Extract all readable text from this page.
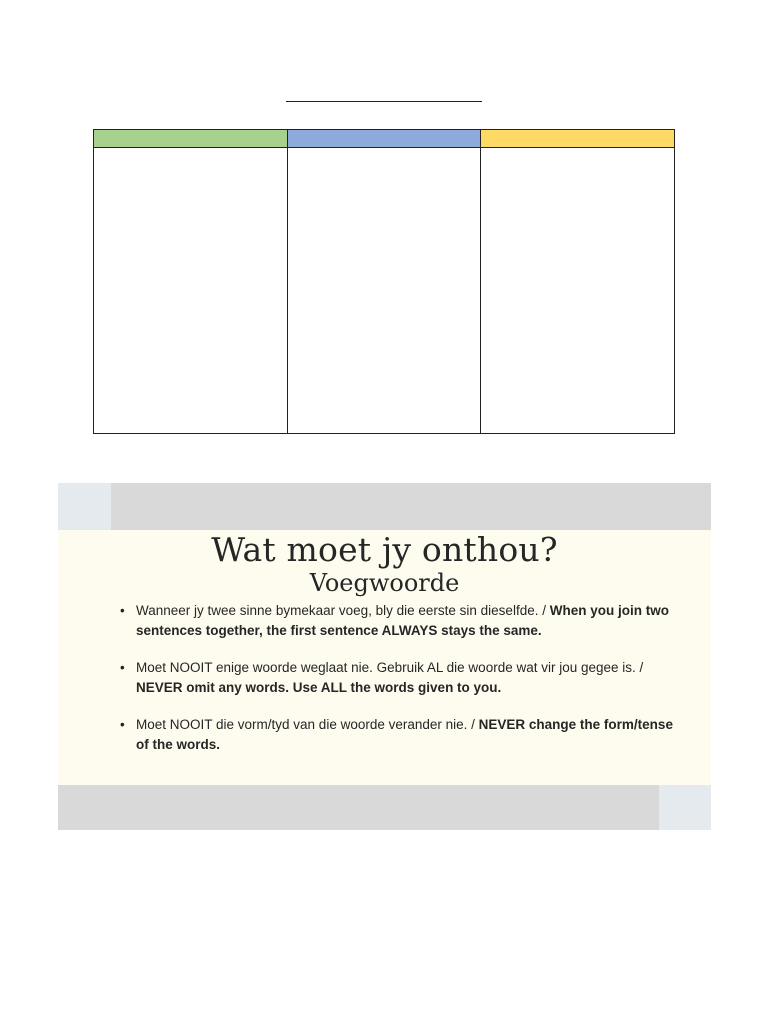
Wat moet jy onthou?
Voegwoorde
• Wanneer jy twee sinne bymekaar voeg, bly die eerste sin dieselfde. / When you join two sentences together, the first sentence ALWAYS stays the same.
• Moet NOOIT enige woorde weglaat nie. Gebruik AL die woorde wat vir jou gegee is. / NEVER omit any words. Use ALL the words given to you.
• Moet NOOIT die vorm/tyd van die woorde verander nie. / NEVER change the form/tense of the words.
